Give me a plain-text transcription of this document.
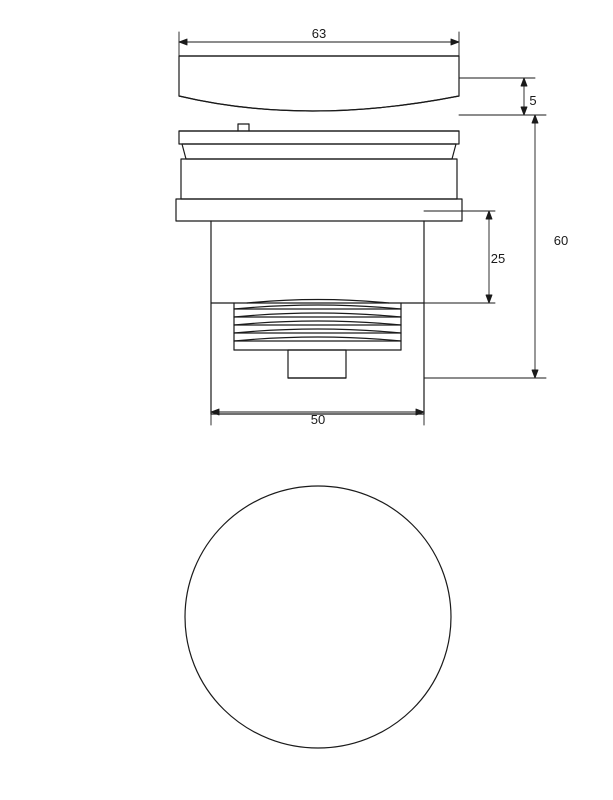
63
5
25
60
50
